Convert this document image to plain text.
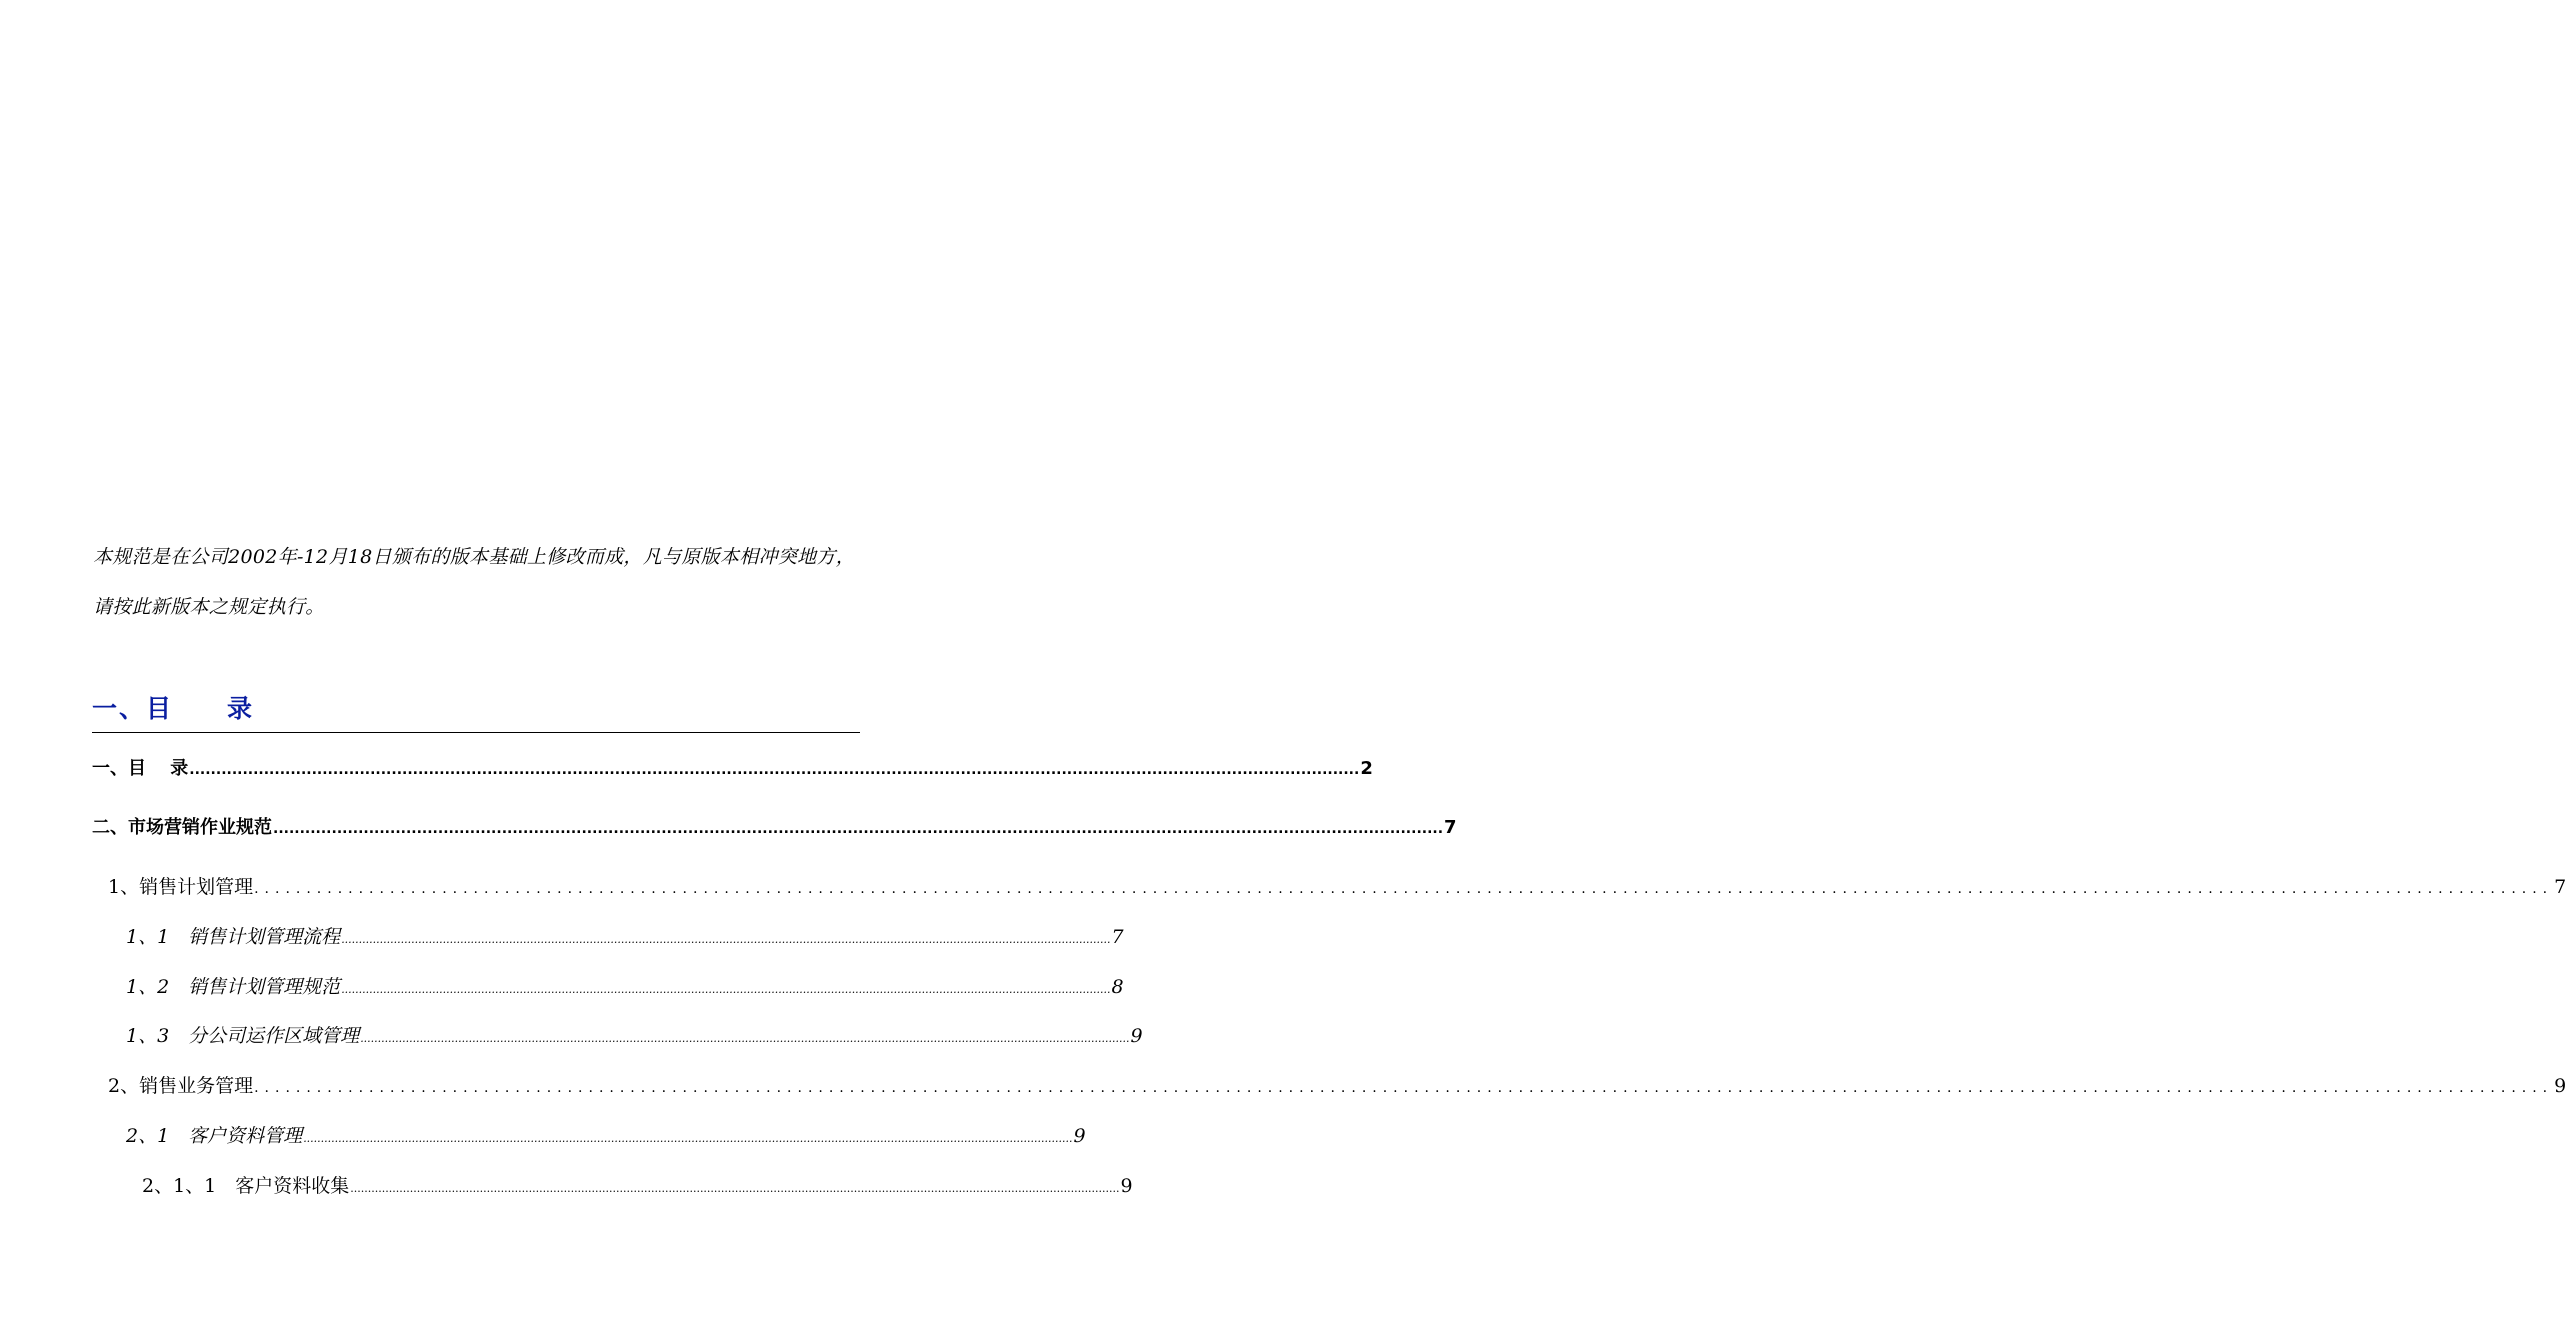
本规范是在公司2002年-12月18日颁布的版本基础上修改而成，凡与原版本相冲突地方，请按此新版本之规定执行。

一、目　　录
一、目　 录 ............................................................................................................................................................................................................................ 2
二、市场营销作业规范 ............................................................................................................................................................................................................................ 7
1、销售计划管理 ............................................................................................................................................................................................................................ 7
1、1　销售计划管理流程 ............................................................................................................................................................................................................................ 7
1、2　销售计划管理规范 ............................................................................................................................................................................................................................ 8
1、3　分公司运作区域管理 ............................................................................................................................................................................................................................ 9
2、销售业务管理 ............................................................................................................................................................................................................................ 9
2、1　客户资料管理 ............................................................................................................................................................................................................................ 9
2、1、1　客户资料收集 ............................................................................................................................................................................................................................ 9
